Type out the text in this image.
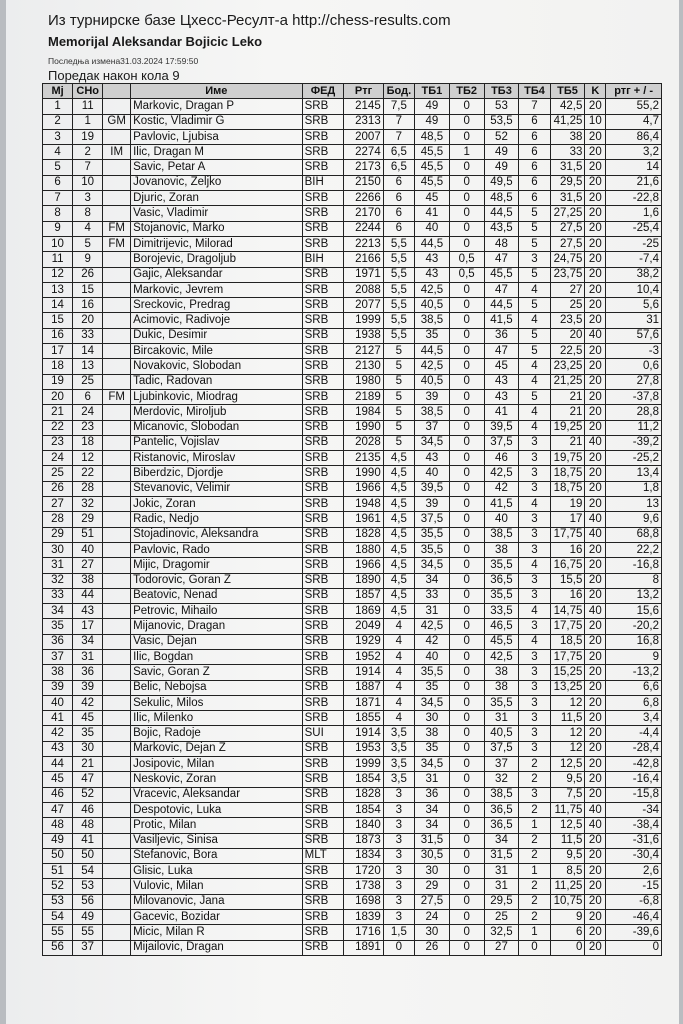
Из турнирске базе Цхесс-Ресулт-а http://chess-results.com
Memorijal Aleksandar Bojicic Leko
Последња измена31.03.2024 17:59:50
Поредак након кола 9
Mj	CHo		Име	ФЕД	Ртг	Бод.	ТБ1	ТБ2	ТБ3	ТБ4	ТБ5	K	ртг + / -
1	11		Markovic, Dragan P	SRB	2145	7,5	49	0	53	7	42,5	20	55,2
2	1	GM	Kostic, Vladimir G	SRB	2313	7	49	0	53,5	6	41,25	10	4,7
3	19		Pavlovic, Ljubisa	SRB	2007	7	48,5	0	52	6	38	20	86,4
4	2	IM	Ilic, Dragan M	SRB	2274	6,5	45,5	1	49	6	33	20	3,2
5	7		Savic, Petar A	SRB	2173	6,5	45,5	0	49	6	31,5	20	14
6	10		Jovanovic, Zeljko	BIH	2150	6	45,5	0	49,5	6	29,5	20	21,6
7	3		Djuric, Zoran	SRB	2266	6	45	0	48,5	6	31,5	20	-22,8
8	8		Vasic, Vladimir	SRB	2170	6	41	0	44,5	5	27,25	20	1,6
9	4	FM	Stojanovic, Marko	SRB	2244	6	40	0	43,5	5	27,5	20	-25,4
10	5	FM	Dimitrijevic, Milorad	SRB	2213	5,5	44,5	0	48	5	27,5	20	-25
11	9		Borojevic, Dragoljub	BIH	2166	5,5	43	0,5	47	3	24,75	20	-7,4
12	26		Gajic, Aleksandar	SRB	1971	5,5	43	0,5	45,5	5	23,75	20	38,2
13	15		Markovic, Jevrem	SRB	2088	5,5	42,5	0	47	4	27	20	10,4
14	16		Sreckovic, Predrag	SRB	2077	5,5	40,5	0	44,5	5	25	20	5,6
15	20		Acimovic, Radivoje	SRB	1999	5,5	38,5	0	41,5	4	23,5	20	31
16	33		Dukic, Desimir	SRB	1938	5,5	35	0	36	5	20	40	57,6
17	14		Bircakovic, Mile	SRB	2127	5	44,5	0	47	5	22,5	20	-3
18	13		Novakovic, Slobodan	SRB	2130	5	42,5	0	45	4	23,25	20	0,6
19	25		Tadic, Radovan	SRB	1980	5	40,5	0	43	4	21,25	20	27,8
20	6	FM	Ljubinkovic, Miodrag	SRB	2189	5	39	0	43	5	21	20	-37,8
21	24		Merdovic, Miroljub	SRB	1984	5	38,5	0	41	4	21	20	28,8
22	23		Micanovic, Slobodan	SRB	1990	5	37	0	39,5	4	19,25	20	11,2
23	18		Pantelic, Vojislav	SRB	2028	5	34,5	0	37,5	3	21	40	-39,2
24	12		Ristanovic, Miroslav	SRB	2135	4,5	43	0	46	3	19,75	20	-25,2
25	22		Biberdzic, Djordje	SRB	1990	4,5	40	0	42,5	3	18,75	20	13,4
26	28		Stevanovic, Velimir	SRB	1966	4,5	39,5	0	42	3	18,75	20	1,8
27	32		Jokic, Zoran	SRB	1948	4,5	39	0	41,5	4	19	20	13
28	29		Radic, Nedjo	SRB	1961	4,5	37,5	0	40	3	17	40	9,6
29	51		Stojadinovic, Aleksandra	SRB	1828	4,5	35,5	0	38,5	3	17,75	40	68,8
30	40		Pavlovic, Rado	SRB	1880	4,5	35,5	0	38	3	16	20	22,2
31	27		Mijic, Dragomir	SRB	1966	4,5	34,5	0	35,5	4	16,75	20	-16,8
32	38		Todorovic, Goran Z	SRB	1890	4,5	34	0	36,5	3	15,5	20	8
33	44		Beatovic, Nenad	SRB	1857	4,5	33	0	35,5	3	16	20	13,2
34	43		Petrovic, Mihailo	SRB	1869	4,5	31	0	33,5	4	14,75	40	15,6
35	17		Mijanovic, Dragan	SRB	2049	4	42,5	0	46,5	3	17,75	20	-20,2
36	34		Vasic, Dejan	SRB	1929	4	42	0	45,5	4	18,5	20	16,8
37	31		Ilic, Bogdan	SRB	1952	4	40	0	42,5	3	17,75	20	9
38	36		Savic, Goran Z	SRB	1914	4	35,5	0	38	3	15,25	20	-13,2
39	39		Belic, Nebojsa	SRB	1887	4	35	0	38	3	13,25	20	6,6
40	42		Sekulic, Milos	SRB	1871	4	34,5	0	35,5	3	12	20	6,8
41	45		Ilic, Milenko	SRB	1855	4	30	0	31	3	11,5	20	3,4
42	35		Bojic, Radoje	SUI	1914	3,5	38	0	40,5	3	12	20	-4,4
43	30		Markovic, Dejan Z	SRB	1953	3,5	35	0	37,5	3	12	20	-28,4
44	21		Josipovic, Milan	SRB	1999	3,5	34,5	0	37	2	12,5	20	-42,8
45	47		Neskovic, Zoran	SRB	1854	3,5	31	0	32	2	9,5	20	-16,4
46	52		Vracevic, Aleksandar	SRB	1828	3	36	0	38,5	3	7,5	20	-15,8
47	46		Despotovic, Luka	SRB	1854	3	34	0	36,5	2	11,75	40	-34
48	48		Protic, Milan	SRB	1840	3	34	0	36,5	1	12,5	40	-38,4
49	41		Vasiljevic, Sinisa	SRB	1873	3	31,5	0	34	2	11,5	20	-31,6
50	50		Stefanovic, Bora	MLT	1834	3	30,5	0	31,5	2	9,5	20	-30,4
51	54		Glisic, Luka	SRB	1720	3	30	0	31	1	8,5	20	2,6
52	53		Vulovic, Milan	SRB	1738	3	29	0	31	2	11,25	20	-15
53	56		Milovanovic, Jana	SRB	1698	3	27,5	0	29,5	2	10,75	20	-6,8
54	49		Gacevic, Bozidar	SRB	1839	3	24	0	25	2	9	20	-46,4
55	55		Micic, Milan R	SRB	1716	1,5	30	0	32,5	1	6	20	-39,6
56	37		Mijailovic, Dragan	SRB	1891	0	26	0	27	0	0	20	0
